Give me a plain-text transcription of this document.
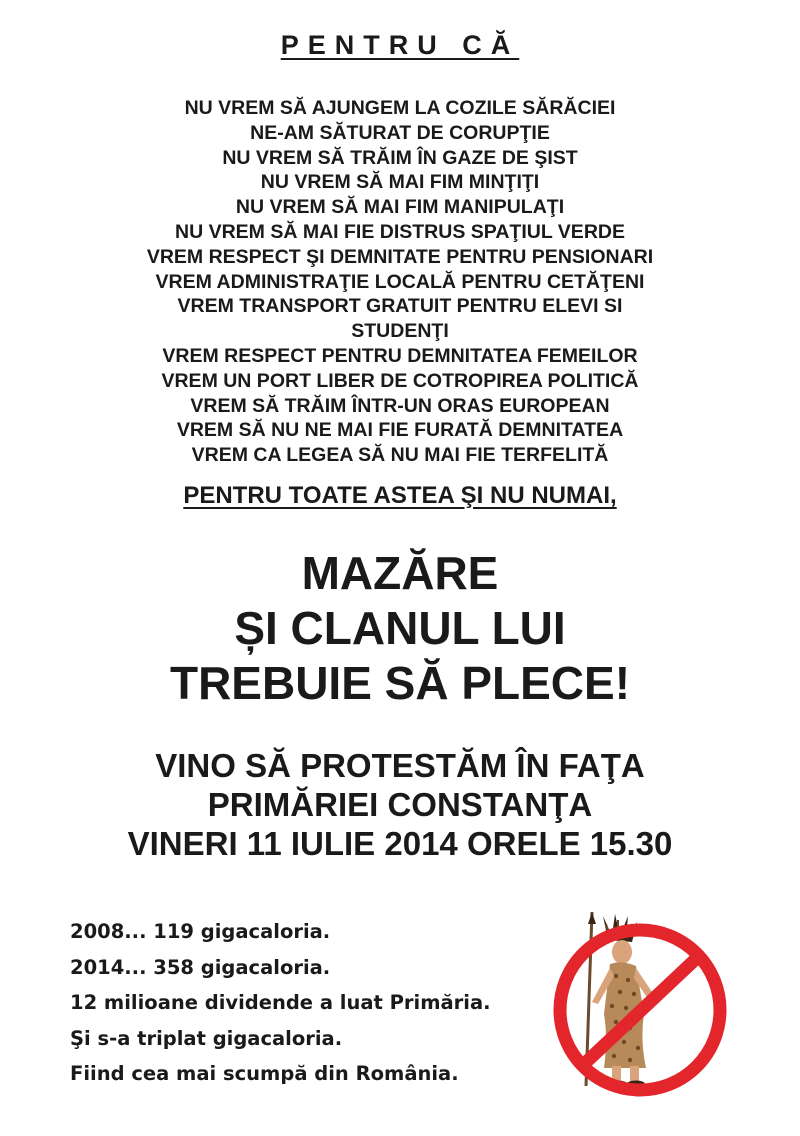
PENTRU CĂ
NU VREM SĂ AJUNGEM LA COZILE SĂRĂCIEI
NE-AM SĂTURAT DE CORUPŢIE
NU VREM SĂ TRĂIM ÎN GAZE DE ŞIST
NU VREM SĂ MAI FIM MINŢIŢI
NU VREM SĂ MAI FIM MANIPULAŢI
NU VREM SĂ MAI FIE DISTRUS SPAŢIUL VERDE
VREM RESPECT ŞI DEMNITATE PENTRU PENSIONARI
VREM ADMINISTRAŢIE LOCALĂ PENTRU CETĂŢENI
VREM TRANSPORT GRATUIT PENTRU ELEVI SI
STUDENŢI
VREM RESPECT PENTRU DEMNITATEA FEMEILOR
VREM UN PORT LIBER DE COTROPIREA POLITICĂ
VREM SĂ TRĂIM ÎNTR-UN ORAS EUROPEAN
VREM SĂ NU NE MAI FIE FURATĂ DEMNITATEA
VREM CA LEGEA SĂ NU MAI FIE TERFELITĂ
PENTRU TOATE ASTEA ŞI NU NUMAI,
MAZĂRE
ȘI CLANUL LUI
TREBUIE SĂ PLECE!
VINO SĂ PROTESTĂM ÎN FAŢA
PRIMĂRIEI CONSTANŢA
VINERI 11 IULIE 2014 ORELE 15.30
2008... 119 gigacaloria.
2014... 358 gigacaloria.
12 milioane dividende a luat Primăria.
Şi s-a triplat gigacaloria.
Fiind cea mai scumpă din România.
